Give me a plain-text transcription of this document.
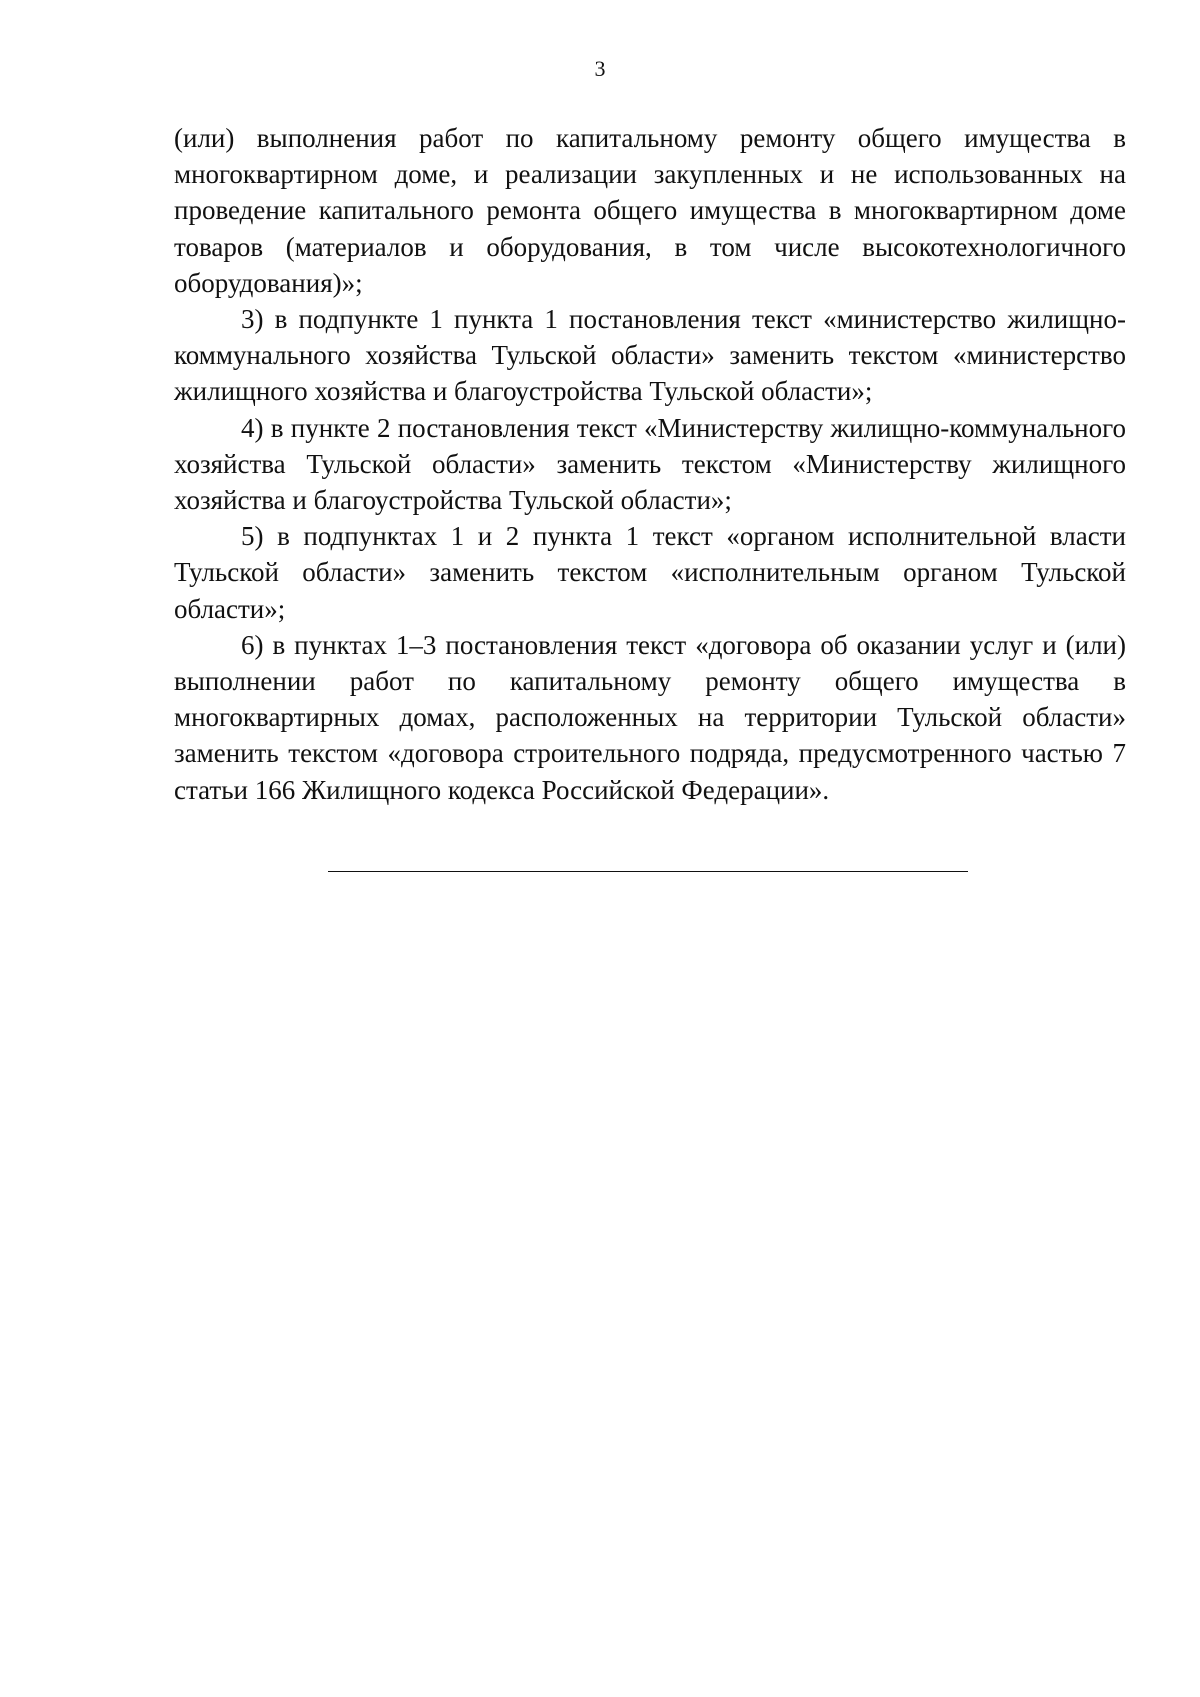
3

(или) выполнения работ по капитальному ремонту общего имущества в многоквартирном доме, и реализации закупленных и не использованных на проведение капитального ремонта общего имущества в многоквартирном доме товаров (материалов и оборудования, в том числе высокотехнологичного оборудования)»;

3) в подпункте 1 пункта 1 постановления текст «министерство жилищно-коммунального хозяйства Тульской области» заменить текстом «министерство жилищного хозяйства и благоустройства Тульской области»;

4) в пункте 2 постановления текст «Министерству жилищно-коммунального хозяйства Тульской области» заменить текстом «Министерству жилищного хозяйства и благоустройства Тульской области»;

5) в подпунктах 1 и 2 пункта 1 текст «органом исполнительной власти Тульской области» заменить текстом «исполнительным органом Тульской области»;

6) в пунктах 1–3 постановления текст «договора об оказании услуг и (или) выполнении работ по капитальному ремонту общего имущества в многоквартирных домах, расположенных на территории Тульской области» заменить текстом «договора строительного подряда, предусмотренного частью 7 статьи 166 Жилищного кодекса Российской Федерации».
